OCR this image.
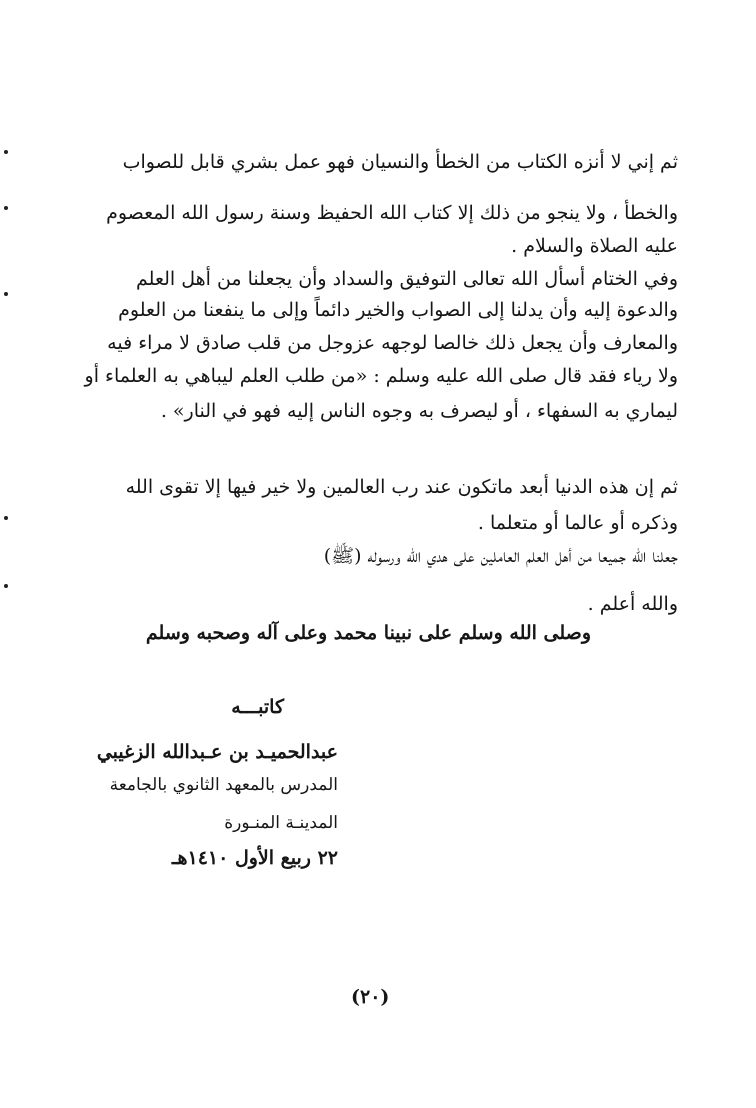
ثم إني لا أنزه الكتاب من الخطأ والنسيان فهو عمل بشري قابل للصواب
والخطأ ، ولا ينجو من ذلك إلا كتاب الله الحفيظ وسنة رسول الله المعصوم
عليه الصلاة والسلام .
وفي الختام أسأل الله تعالى التوفيق والسداد وأن يجعلنا من أهل العلم
والدعوة إليه وأن يدلنا إلى الصواب والخير دائماً وإلى ما ينفعنا من العلوم
والمعارف وأن يجعل ذلك خالصا لوجهه عزوجل من قلب صادق لا مراء فيه
ولا رياء فقد قال صلى الله عليه وسلم : «من طلب العلم ليباهي به العلماء أو
ليماري به السفهاء ، أو ليصرف به وجوه الناس إليه فهو في النار» .
ثم إن هذه الدنيا أبعد ماتكون عند رب العالمين ولا خير فيها إلا تقوى الله
وذكره أو عالما أو متعلما .
جعلنا الله جميعا من أهل العلم العاملين على هدي الله ورسوله (ﷺ)
والله أعلم .
وصلى الله وسلم على نبينا محمد وعلى آله وصحبه وسلم
كاتبـــه
عبدالحميـد بن عـبدالله الزغيبي
المدرس بالمعهد الثانوي بالجامعة
المدينـة المنـورة
٢٢ ربيع الأول ١٤١٠هـ
(٢٠)
